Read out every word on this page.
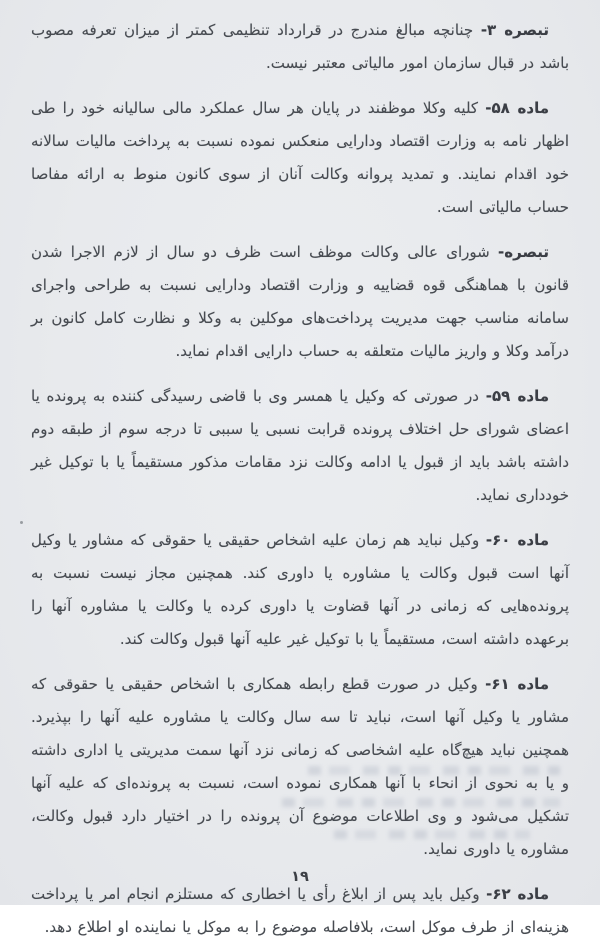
تبصره ۳- چنانچه مبالغ مندرج در قرارداد تنظیمی کمتر از میزان تعرفه مصوب باشد در قبال سازمان امور مالیاتی معتبر نیست.

ماده ۵۸- کلیه وکلا موظفند در پایان هر سال عملکرد مالی سالیانه خود را طی اظهار نامه به وزارت اقتصاد ودارایی منعکس نموده نسبت به پرداخت مالیات سالانه خود اقدام نمایند. و تمدید پروانه وکالت آنان از سوی کانون منوط به ارائه مفاصا حساب مالیاتی است.

تبصره- شورای عالی وکالت موظف است ظرف دو سال از لازم الاجرا شدن قانون با هماهنگی قوه قضاییه و وزارت اقتصاد ودارایی نسبت به طراحی واجرای سامانه مناسب جهت مدیریت پرداخت‌های موکلین به وکلا و نظارت کامل کانون بر درآمد وکلا و واریز مالیات متعلقه به حساب دارایی اقدام نماید.

ماده ۵۹- در صورتی که وکیل یا همسر وی با قاضی رسیدگی کننده به پرونده یا اعضای شورای حل اختلاف پرونده قرابت نسبی یا سببی تا درجه سوم از طبقه دوم داشته باشد باید از قبول یا ادامه وکالت نزد مقامات مذکور مستقیماً یا با توکیل غیر خودداری نماید.

ماده ۶۰- وکیل نباید هم زمان علیه اشخاص حقیقی یا حقوقی که مشاور یا وکیل آنها است قبول وکالت یا مشاوره یا داوری کند. همچنین مجاز نیست نسبت به پرونده‌هایی که زمانی در آنها قضاوت یا داوری کرده یا وکالت یا مشاوره آنها را برعهده داشته است، مستقیماً یا با توکیل غیر علیه آنها قبول وکالت کند.

ماده ۶۱- وکیل در صورت قطع رابطه همکاری با اشخاص حقیقی یا حقوقی که مشاور یا وکیل آنها است، نباید تا سه سال وکالت یا مشاوره علیه آنها را بپذیرد. همچنین نباید هیچ‌گاه علیه اشخاصی که زمانی نزد آنها سمت مدیریتی یا اداری داشته و یا به نحوی از انحاء با آنها همکاری نموده است، نسبت به پرونده‌ای که علیه آنها تشکیل می‌شود و وی اطلاعات موضوع آن پرونده را در اختیار دارد قبول وکالت، مشاوره یا داوری نماید.

ماده ۶۲- وکیل باید پس از ابلاغ رأی یا اخطاری که مستلزم انجام امر یا پرداخت هزینه‌ای از طرف موکل است، بلافاصله موضوع را به موکل یا نماینده او اطلاع دهد.

۱۹
